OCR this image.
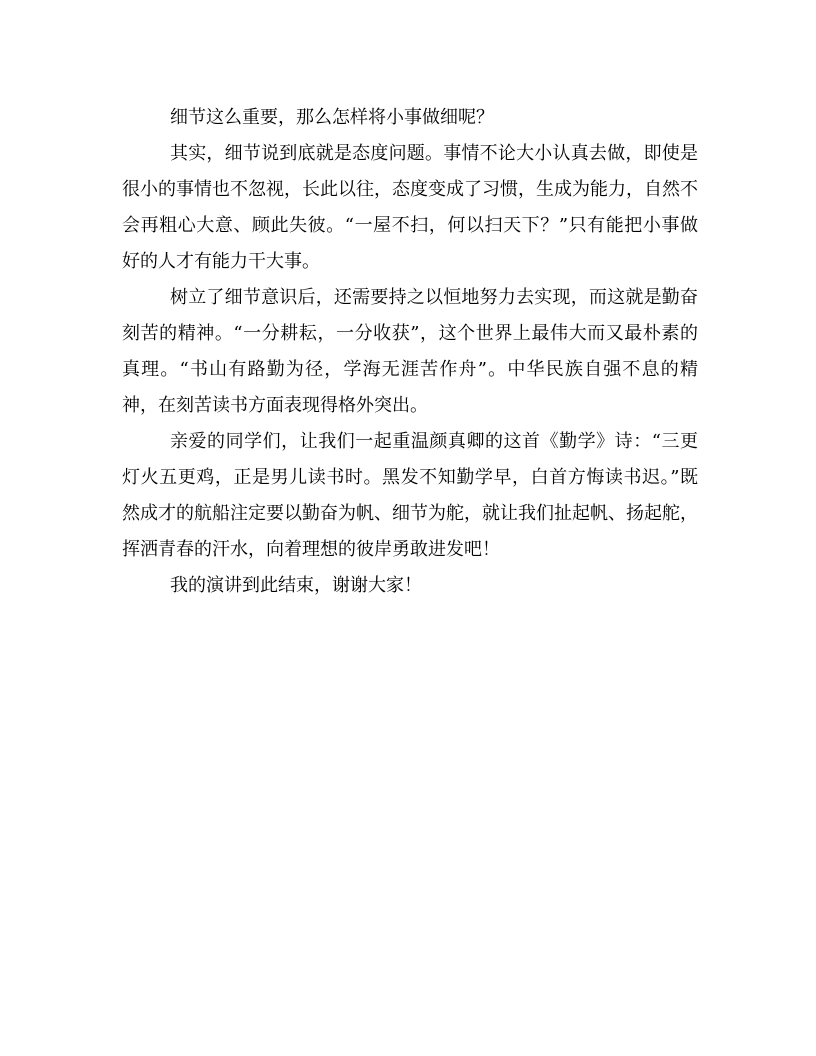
细节这么重要，那么怎样将小事做细呢？

其实，细节说到底就是态度问题。事情不论大小认真去做，即使是很小的事情也不忽视，长此以往，态度变成了习惯，生成为能力，自然不会再粗心大意、顾此失彼。“一屋不扫，何以扫天下？”只有能把小事做好的人才有能力干大事。

树立了细节意识后，还需要持之以恒地努力去实现，而这就是勤奋刻苦的精神。“一分耕耘，一分收获”，这个世界上最伟大而又最朴素的真理。“书山有路勤为径，学海无涯苦作舟”。中华民族自强不息的精神，在刻苦读书方面表现得格外突出。

亲爱的同学们，让我们一起重温颜真卿的这首《勤学》诗：“三更灯火五更鸡，正是男儿读书时。黑发不知勤学早，白首方悔读书迟。”既然成才的航船注定要以勤奋为帆、细节为舵，就让我们扯起帆、扬起舵，挥洒青春的汗水，向着理想的彼岸勇敢进发吧！

我的演讲到此结束，谢谢大家！
